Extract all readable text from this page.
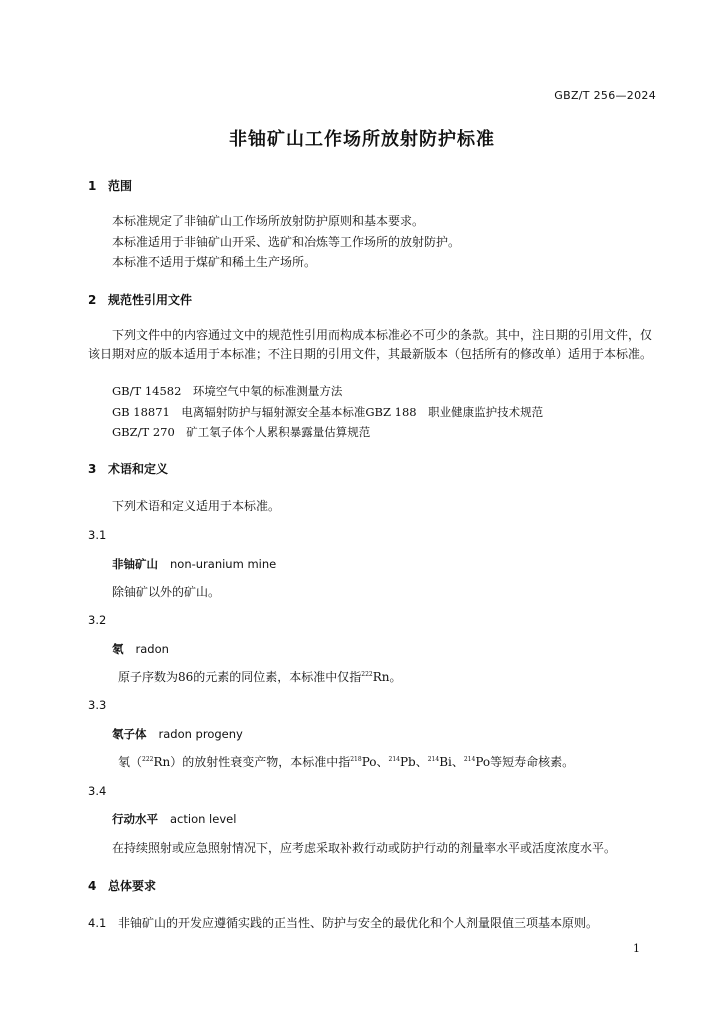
GBZ/T 256—2024
非铀矿山工作场所放射防护标准
1 范围
本标准规定了非铀矿山工作场所放射防护原则和基本要求。
本标准适用于非铀矿山开采、选矿和冶炼等工作场所的放射防护。
本标准不适用于煤矿和稀土生产场所。
2 规范性引用文件
下列文件中的内容通过文中的规范性引用而构成本标准必不可少的条款。其中，注日期的引用文件，仅该日期对应的版本适用于本标准；不注日期的引用文件，其最新版本（包括所有的修改单）适用于本标准。
GB/T 14582　环境空气中氡的标准测量方法
GB 18871　电离辐射防护与辐射源安全基本标准GBZ 188　职业健康监护技术规范
GBZ/T 270　矿工氡子体个人累积暴露量估算规范
3 术语和定义
下列术语和定义适用于本标准。
3.1
非铀矿山 non-uranium mine
除铀矿以外的矿山。
3.2
氡 radon
原子序数为86的元素的同位素，本标准中仅指$^{222}$Rn。
3.3
氡子体 radon progeny
氡（$^{222}$Rn）的放射性衰变产物，本标准中指$^{218}$Po、$^{214}$Pb、$^{214}$Bi、$^{214}$Po等短寿命核素。
3.4
行动水平 action level
在持续照射或应急照射情况下，应考虑采取补救行动或防护行动的剂量率水平或活度浓度水平。
4 总体要求
4.1 非铀矿山的开发应遵循实践的正当性、防护与安全的最优化和个人剂量限值三项基本原则。
1
